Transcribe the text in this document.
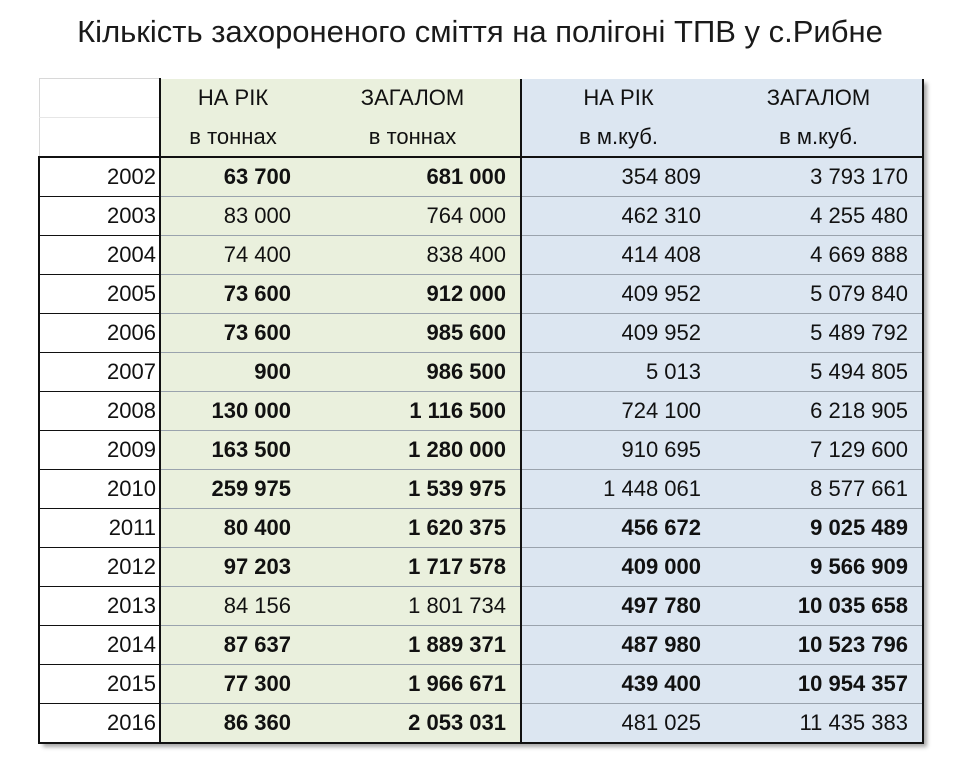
Кількість захороненого сміття на полігоні ТПВ у с.Рибне
	НА РІК	ЗАГАЛОМ	НА РІК	ЗАГАЛОМ
	в тоннах	в тоннах	в м.куб.	в м.куб.
2002	63 700	681 000	354 809	3 793 170
2003	83 000	764 000	462 310	4 255 480
2004	74 400	838 400	414 408	4 669 888
2005	73 600	912 000	409 952	5 079 840
2006	73 600	985 600	409 952	5 489 792
2007	900	986 500	5 013	5 494 805
2008	130 000	1 116 500	724 100	6 218 905
2009	163 500	1 280 000	910 695	7 129 600
2010	259 975	1 539 975	1 448 061	8 577 661
2011	80 400	1 620 375	456 672	9 025 489
2012	97 203	1 717 578	409 000	9 566 909
2013	84 156	1 801 734	497 780	10 035 658
2014	87 637	1 889 371	487 980	10 523 796
2015	77 300	1 966 671	439 400	10 954 357
2016	86 360	2 053 031	481 025	11 435 383
